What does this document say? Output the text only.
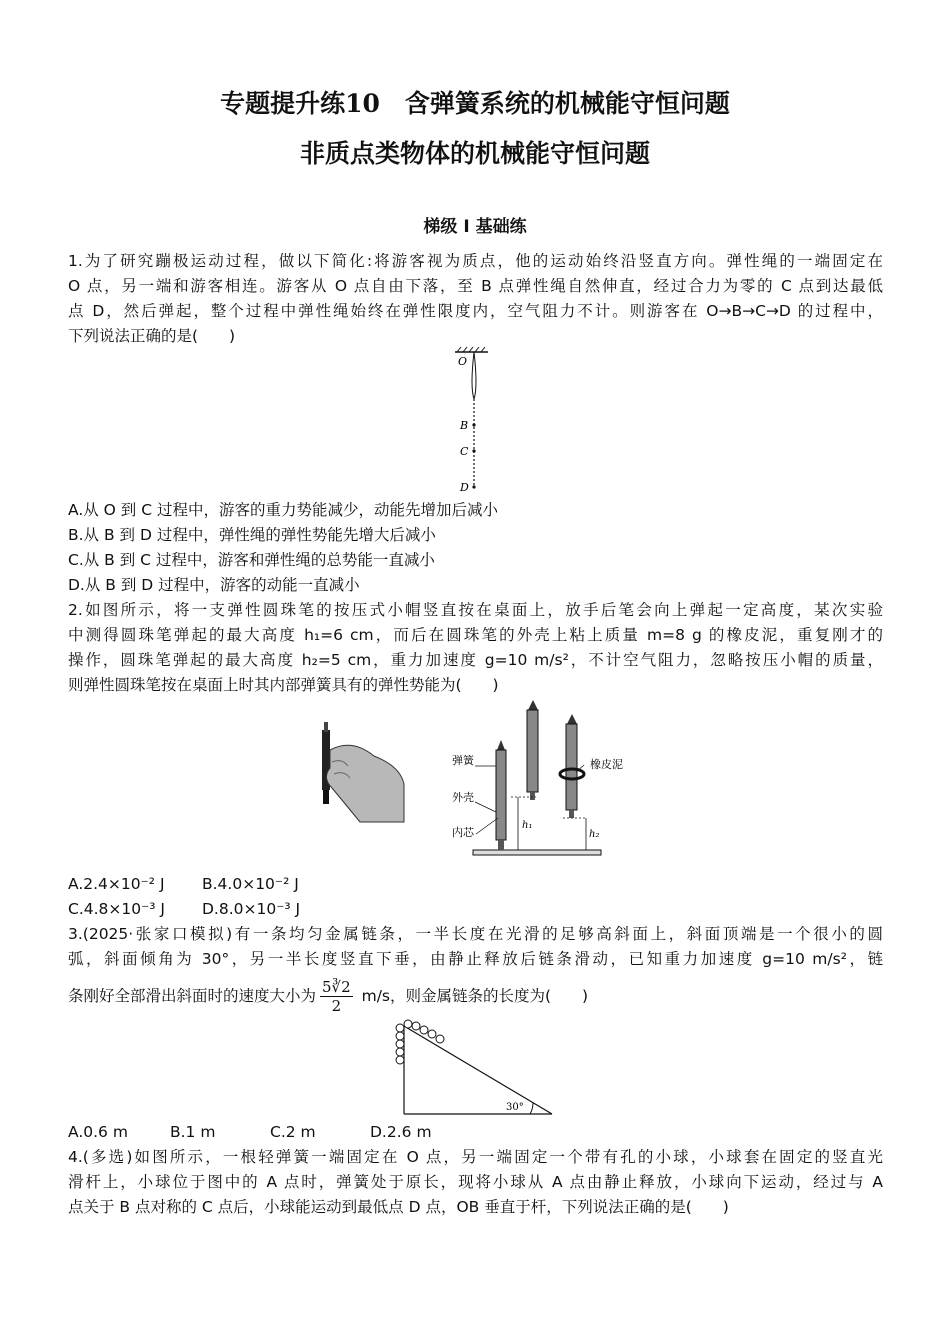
专题提升练10　含弹簧系统的机械能守恒问题
非质点类物体的机械能守恒问题
梯级 Ⅰ 基础练
1.为了研究蹦极运动过程，做以下简化:将游客视为质点，他的运动始终沿竖直方向。弹性绳的一端固定在
O 点，另一端和游客相连。游客从 O 点自由下落，至 B 点弹性绳自然伸直，经过合力为零的 C 点到达最低
点 D，然后弹起，整个过程中弹性绳始终在弹性限度内，空气阻力不计。则游客在 O→B→C→D 的过程中，
下列说法正确的是(　　)
O
B
C
D
A.从 O 到 C 过程中，游客的重力势能减少，动能先增加后减小
B.从 B 到 D 过程中，弹性绳的弹性势能先增大后减小
C.从 B 到 C 过程中，游客和弹性绳的总势能一直减小
D.从 B 到 D 过程中，游客的动能一直减小
2.如图所示，将一支弹性圆珠笔的按压式小帽竖直按在桌面上，放手后笔会向上弹起一定高度，某次实验
中测得圆珠笔弹起的最大高度 h₁=6 cm，而后在圆珠笔的外壳上粘上质量 m=8 g 的橡皮泥，重复刚才的
操作，圆珠笔弹起的最大高度 h₂=5 cm，重力加速度 g=10 m/s²，不计空气阻力，忽略按压小帽的质量，
则弹性圆珠笔按在桌面上时其内部弹簧具有的弹性势能为(　　)
h₁
h₂
弹簧
外壳
内芯
橡皮泥
A.2.4×10⁻² J B.4.0×10⁻² J
C.4.8×10⁻³ J D.8.0×10⁻³ J
3.(2025·张家口模拟)有一条均匀金属链条，一半长度在光滑的足够高斜面上，斜面顶端是一个很小的圆
弧，斜面倾角为 30°，另一半长度竖直下垂，由静止释放后链条滑动，已知重力加速度 g=10 m/s²，链
条刚好全部滑出斜面时的速度大小为 $\frac{5∛2}{2} m/s$，则金属链条的长度为(　　)
30°
A.0.6 m	B.1 m	C.2 m	D.2.6 m
4.(多选)如图所示，一根轻弹簧一端固定在 O 点，另一端固定一个带有孔的小球，小球套在固定的竖直光
滑杆上，小球位于图中的 A 点时，弹簧处于原长，现将小球从 A 点由静止释放，小球向下运动，经过与 A
点关于 B 点对称的 C 点后，小球能运动到最低点 D 点，OB 垂直于杆，下列说法正确的是(　　)
